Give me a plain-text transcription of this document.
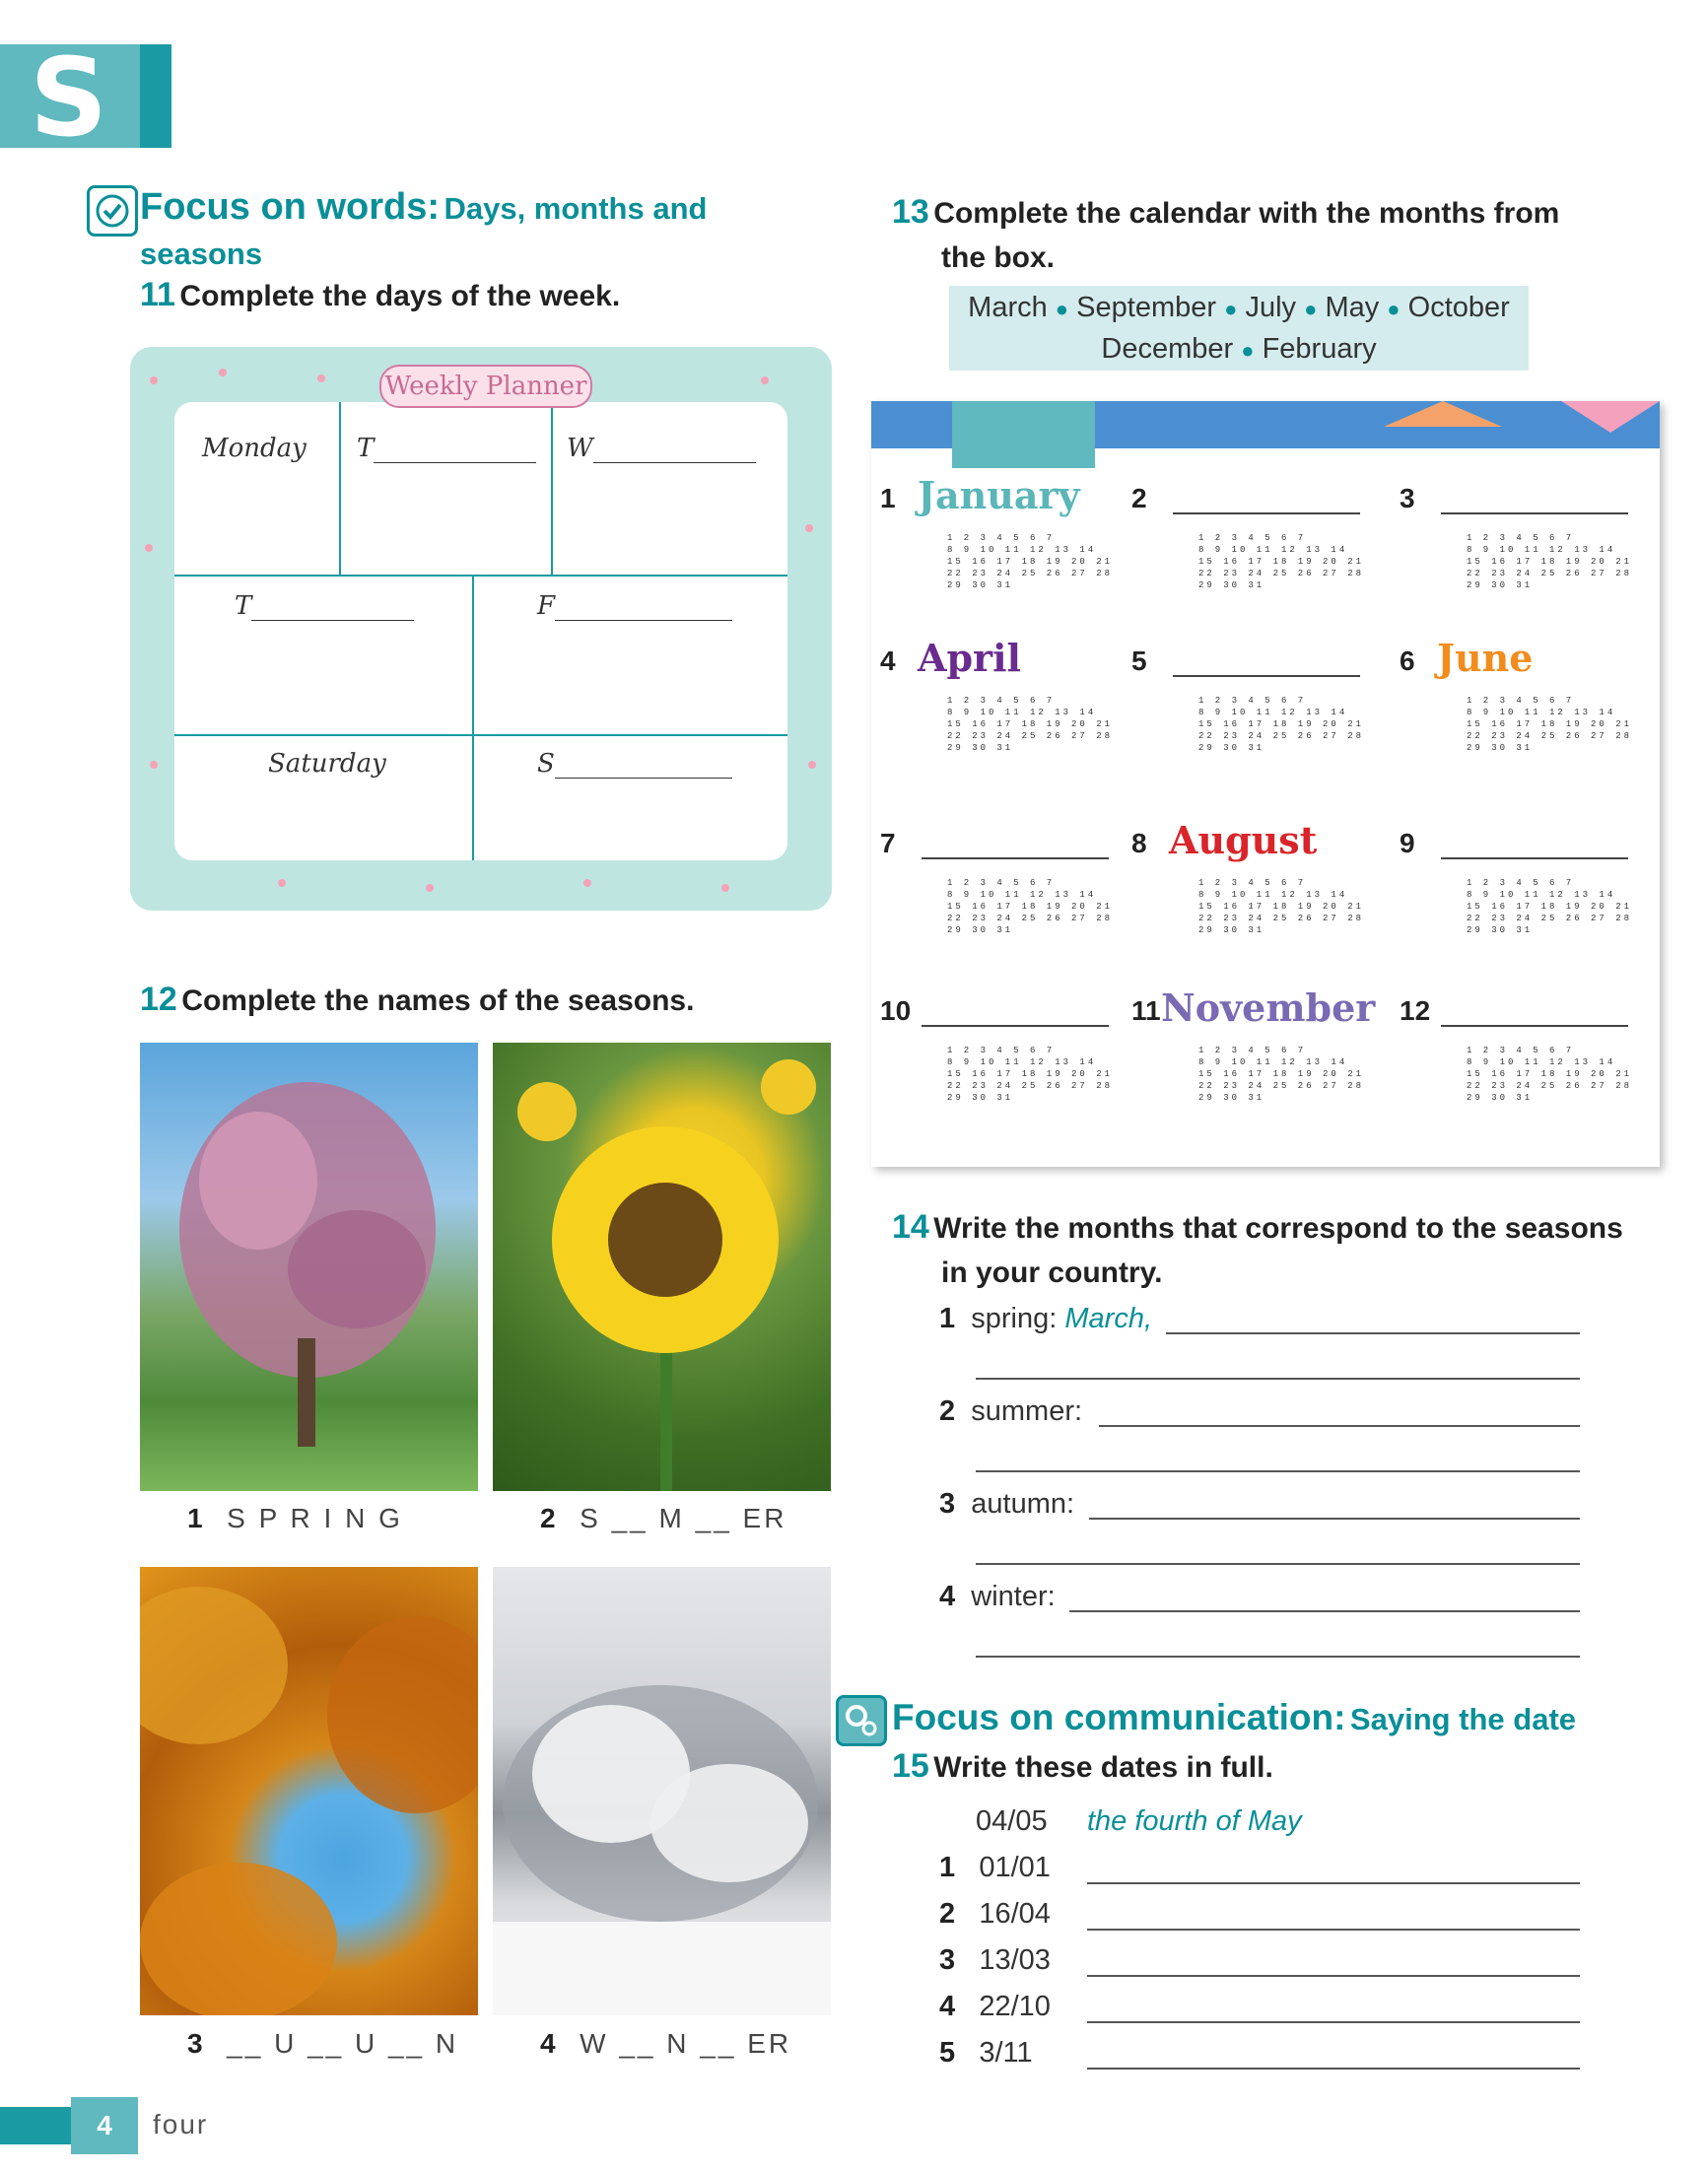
S
Focus on words: Days, months and seasons
11 Complete the days of the week.
Weekly Planner
Monday T	W
T	F
Saturday	S
12 Complete the names of the seasons.
1 S P R I N G	2 S __ M __ ER
3 __ U __ U __ N	4 W __ N __ ER
13 Complete the calendar with the months from
the box.
March ● September ● July ● May ● October
December ● February
1 January
1 2 3 4 5 6 7
8 9 10 11 12 13 14
15 16 17 18 19 20 21
22 23 24 25 26 27 28
29 30 31
2
1 2 3 4 5 6 7
8 9 10 11 12 13 14
15 16 17 18 19 20 21
22 23 24 25 26 27 28
29 30 31
3
1 2 3 4 5 6 7
8 9 10 11 12 13 14
15 16 17 18 19 20 21
22 23 24 25 26 27 28
29 30 31
4 April
1 2 3 4 5 6 7
8 9 10 11 12 13 14
15 16 17 18 19 20 21
22 23 24 25 26 27 28
29 30 31
5
1 2 3 4 5 6 7
8 9 10 11 12 13 14
15 16 17 18 19 20 21
22 23 24 25 26 27 28
29 30 31
6 June
1 2 3 4 5 6 7
8 9 10 11 12 13 14
15 16 17 18 19 20 21
22 23 24 25 26 27 28
29 30 31
7
1 2 3 4 5 6 7
8 9 10 11 12 13 14
15 16 17 18 19 20 21
22 23 24 25 26 27 28
29 30 31
8 August
1 2 3 4 5 6 7
8 9 10 11 12 13 14
15 16 17 18 19 20 21
22 23 24 25 26 27 28
29 30 31
9
1 2 3 4 5 6 7
8 9 10 11 12 13 14
15 16 17 18 19 20 21
22 23 24 25 26 27 28
29 30 31
10
1 2 3 4 5 6 7
8 9 10 11 12 13 14
15 16 17 18 19 20 21
22 23 24 25 26 27 28
29 30 31
11 November
1 2 3 4 5 6 7
8 9 10 11 12 13 14
15 16 17 18 19 20 21
22 23 24 25 26 27 28
29 30 31
12
1 2 3 4 5 6 7
8 9 10 11 12 13 14
15 16 17 18 19 20 21
22 23 24 25 26 27 28
29 30 31
14 Write the months that correspond to the seasons
in your country.
1 spring: March,
2 summer:
3 autumn:
4 winter:
Focus on communication: Saying the date
15 Write these dates in full.
04/05 the fourth of May
1 01/01
2 16/04
3 13/03
4 22/10
5 3/11
4	four
